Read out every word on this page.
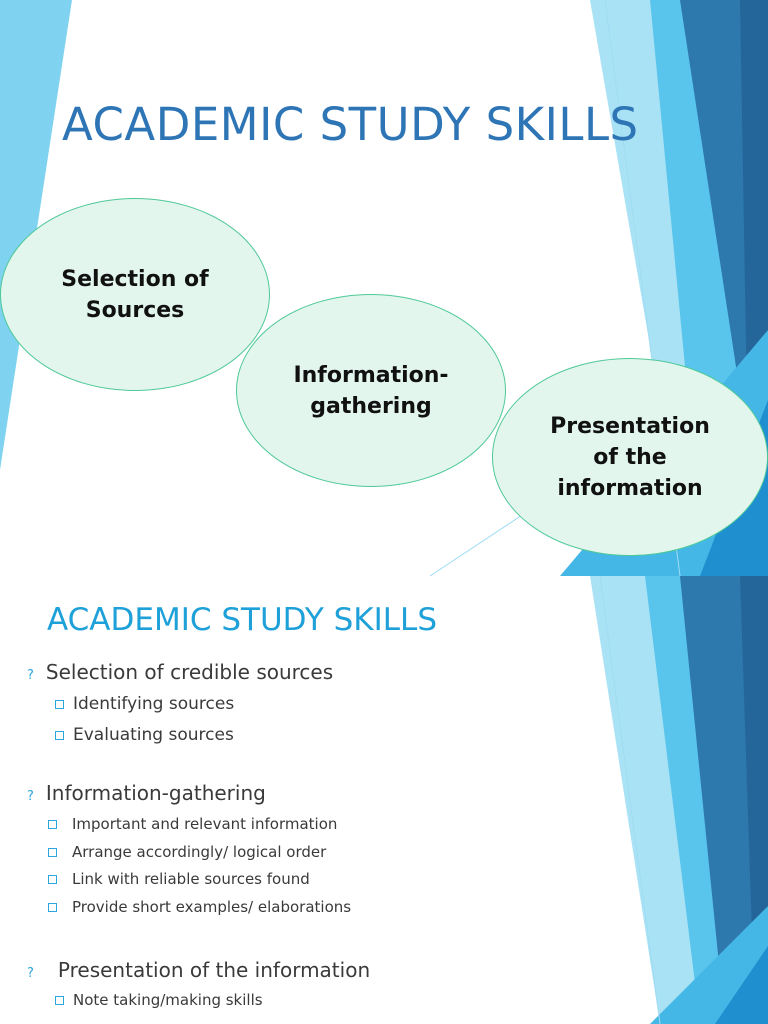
ACADEMIC STUDY SKILLS
Selection of
Sources
Information-
gathering
Presentation
of the
information
ACADEMIC STUDY SKILLS
? Selection of credible sources
Identifying sources
Evaluating sources
? Information-gathering
Important and relevant information
Arrange accordingly/ logical order
Link with reliable sources found
Provide short examples/ elaborations
? Presentation of the information
Note taking/making skills
